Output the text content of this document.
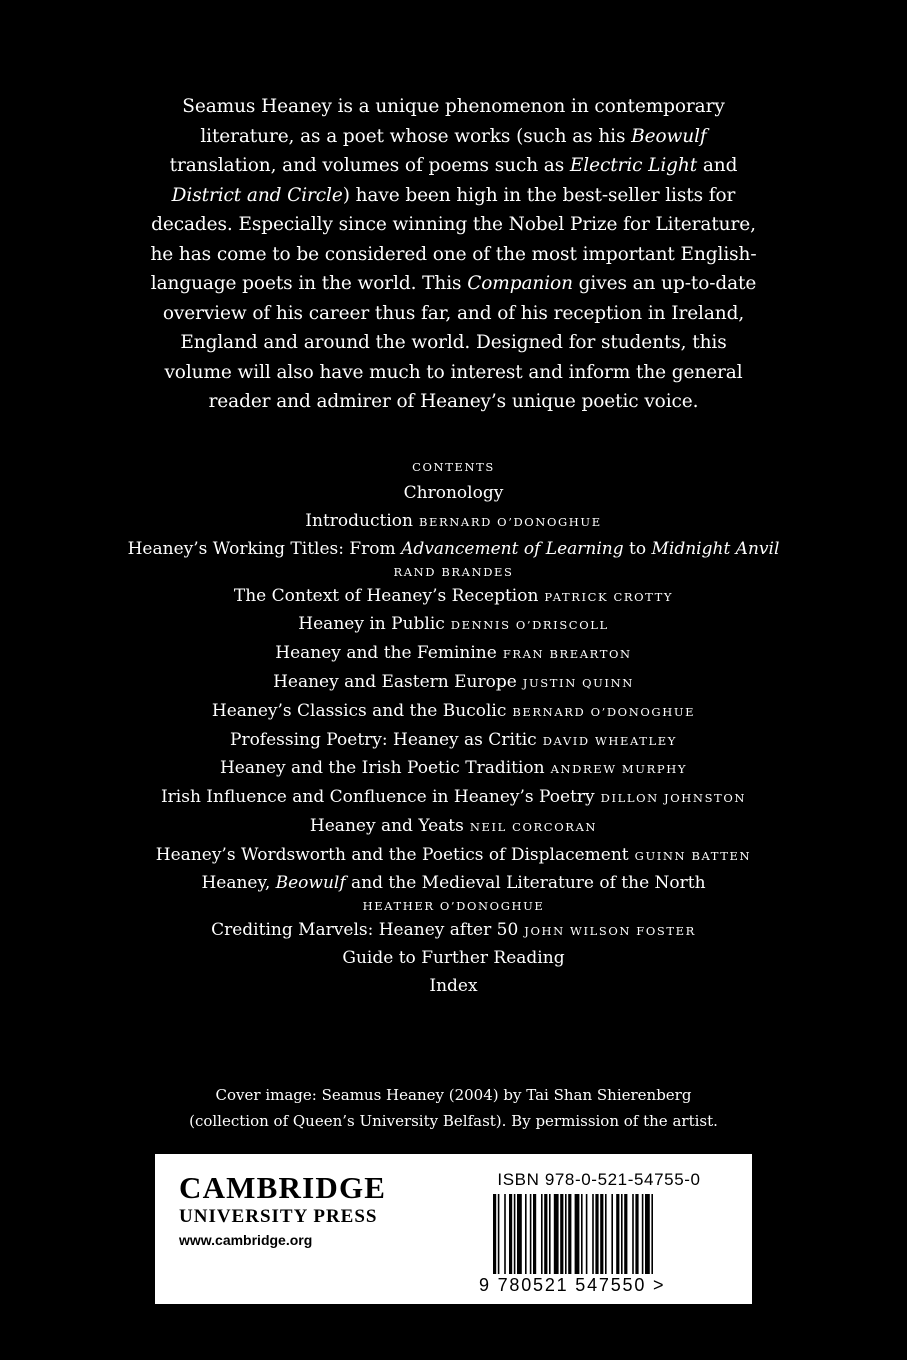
Seamus Heaney is a unique phenomenon in contemporary literature, as a poet whose works (such as his Beowulf translation, and volumes of poems such as Electric Light and District and Circle) have been high in the best-seller lists for decades. Especially since winning the Nobel Prize for Literature, he has come to be considered one of the most important English-language poets in the world. This Companion gives an up-to-date overview of his career thus far, and of his reception in Ireland, England and around the world. Designed for students, this volume will also have much to interest and inform the general reader and admirer of Heaney’s unique poetic voice.
CONTENTS
Chronology
Introduction BERNARD O’DONOGHUE
Heaney’s Working Titles: From Advancement of Learning to Midnight Anvil
RAND BRANDES
The Context of Heaney’s Reception PATRICK CROTTY
Heaney in Public DENNIS O’DRISCOLL
Heaney and the Feminine FRAN BREARTON
Heaney and Eastern Europe JUSTIN QUINN
Heaney’s Classics and the Bucolic BERNARD O’DONOGHUE
Professing Poetry: Heaney as Critic DAVID WHEATLEY
Heaney and the Irish Poetic Tradition ANDREW MURPHY
Irish Influence and Confluence in Heaney’s Poetry DILLON JOHNSTON
Heaney and Yeats NEIL CORCORAN
Heaney’s Wordsworth and the Poetics of Displacement GUINN BATTEN
Heaney, Beowulf and the Medieval Literature of the North
HEATHER O’DONOGHUE
Crediting Marvels: Heaney after 50 JOHN WILSON FOSTER
Guide to Further Reading
Index
Cover image: Seamus Heaney (2004) by Tai Shan Shierenberg
(collection of Queen’s University Belfast). By permission of the artist.
CAMBRIDGE
UNIVERSITY PRESS
www.cambridge.org
ISBN 978-0-521-54755-0
9 780521 547550 >
